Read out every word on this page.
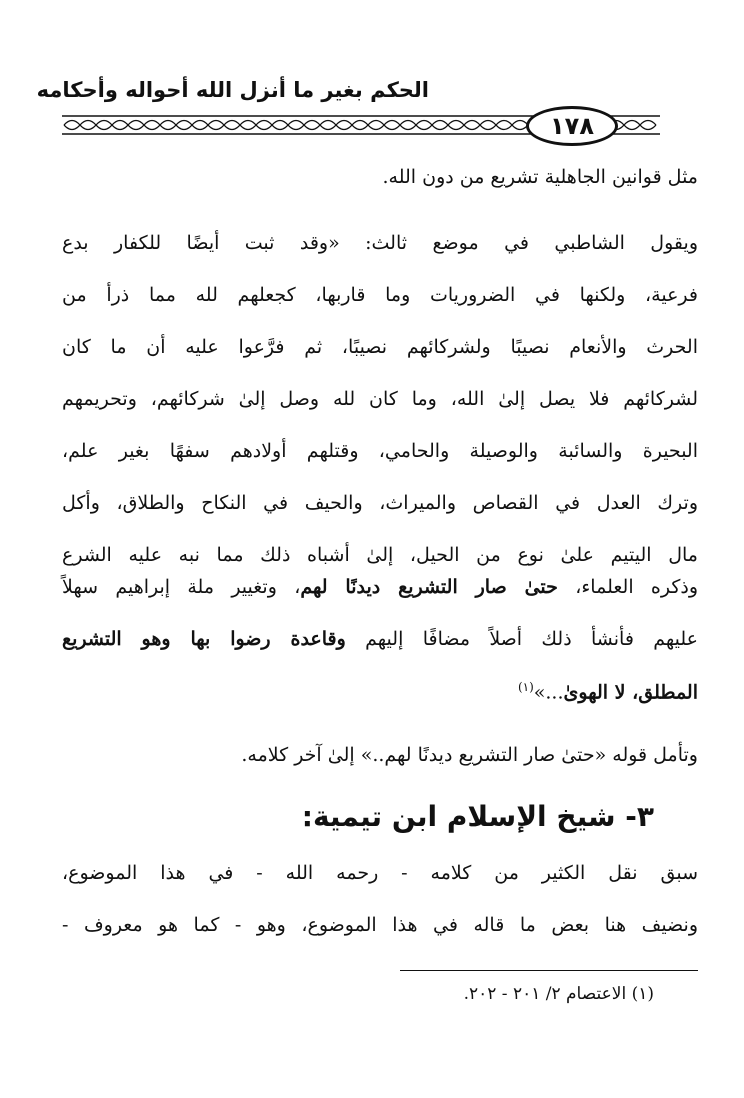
الحكم بغير ما أنزل الله أحواله وأحكامه
١٧٨
مثل قوانين الجاهلية تشريع من دون الله.
ويقول الشاطبي في موضع ثالث: «وقد ثبت أيضًا للكفار بدع
فرعية، ولكنها في الضروريات وما قاربها، كجعلهم لله مما ذرأ من
الحرث والأنعام نصيبًا ولشركائهم نصيبًا، ثم فرَّعوا عليه أن ما كان
لشركائهم فلا يصل إلىٰ الله، وما كان لله وصل إلىٰ شركائهم، وتحريمهم
البحيرة والسائبة والوصيلة والحامي، وقتلهم أولادهم سفهًا بغير علم،
وترك العدل في القصاص والميراث، والحيف في النكاح والطلاق، وأكل
مال اليتيم علىٰ نوع من الحيل، إلىٰ أشباه ذلك مما نبه عليه الشرع
وذكره العلماء، حتىٰ صار التشريع ديدنًا لهم، وتغيير ملة إبراهيم سهلاً
عليهم فأنشأ ذلك أصلاً مضافًا إليهم وقاعدة رضوا بها وهو التشريع
المطلق، لا الهوىٰ...»$^{(١)}$
وتأمل قوله «حتىٰ صار التشريع ديدنًا لهم..» إلىٰ آخر كلامه.
سبق نقل الكثير من كلامه - رحمه الله - في هذا الموضوع،
ونضيف هنا بعض ما قاله في هذا الموضوع، وهو - كما هو معروف -
٣- شيخ الإسلام ابن تيمية:
(١) الاعتصام ٢/ ٢٠١ - ٢٠٢.
